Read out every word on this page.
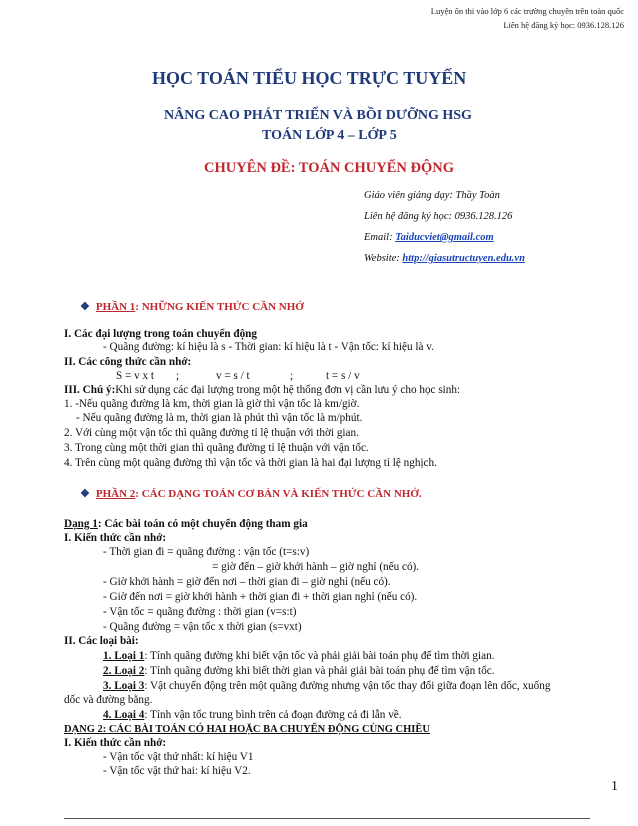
Luyện ôn thi vào lớp 6 các trường chuyên trên toàn quốc
Liên hệ đăng ký học: 0936.128.126
HỌC TOÁN TIỂU HỌC TRỰC TUYẾN
NÂNG CAO PHÁT TRIỂN VÀ BỒI DƯỠNG HSG
TOÁN LỚP 4 – LỚP 5
CHUYÊN ĐỀ: TOÁN CHUYỂN ĐỘNG
Giáo viên giảng dạy: Thầy Toàn
Liên hệ đăng ký học: 0936.128.126
Email: Taiducviet@gmail.com
Website: http://giasutructuyen.edu.vn
❖ PHẦN 1: NHỮNG KIẾN THỨC CẦN NHỚ
I. Các đại lượng trong toán chuyển động
- Quãng đường: kí hiệu là s - Thời gian: kí hiệu là t - Vận tốc: kí hiệu là v.
II. Các công thức cần nhớ:
S = v x t ;	v = s / t	;	t = s / v
III. Chú ý:Khi sử dụng các đại lượng trong một hệ thống đơn vị cần lưu ý cho học sinh:
1. -Nếu quãng đường là km, thời gian là giờ thì vận tốc là km/giờ.
- Nếu quãng đường là m, thời gian là phút thì vận tốc là m/phút.
2. Với cùng một vận tốc thì quãng đường tỉ lệ thuận với thời gian.
3. Trong cùng một thời gian thì quãng đường tỉ lệ thuận với vận tốc.
4. Trên cùng một quãng đường thì vận tốc và thời gian là hai đại lượng tỉ lệ nghịch.
❖ PHẦN 2: CÁC DẠNG TOÁN CƠ BẢN VÀ KIẾN THỨC CẦN NHỚ.
Dạng 1: Các bài toán có một chuyển động tham gia
I. Kiến thức cần nhớ:
- Thời gian đi = quãng đường : vận tốc (t=s:v)
= giờ đến – giờ khởi hành – giờ nghỉ (nếu có).
- Giờ khởi hành = giờ đến nơi – thời gian đi – giờ nghỉ (nếu có).
- Giờ đến nơi = giờ khởi hành + thời gian đi + thời gian nghỉ (nếu có).
- Vận tốc = quãng đường : thời gian (v=s:t)
- Quãng đường = vận tốc x thời gian (s=vxt)
II. Các loại bài:
1. Loại 1: Tính quãng đường khi biết vận tốc và phải giải bài toán phụ để tìm thời gian.
2. Loại 2: Tính quãng đường khi biết thời gian và phải giải bài toán phụ để tìm vận tốc.
3. Loại 3: Vật chuyển động trên một quãng đường nhưng vận tốc thay đổi giữa đoạn lên dốc, xuống
dốc và đường bằng.
4. Loại 4: Tính vận tốc trung bình trên cả đoạn đường cả đi lẫn về.
DẠNG 2: CÁC BÀI TOÁN CÓ HAI HOẶC BA CHUYỂN ĐỘNG CÙNG CHIỀU
I. Kiến thức cần nhớ:
- Vận tốc vật thứ nhất: kí hiệu V1
- Vận tốc vật thứ hai: kí hiệu V2.
1
